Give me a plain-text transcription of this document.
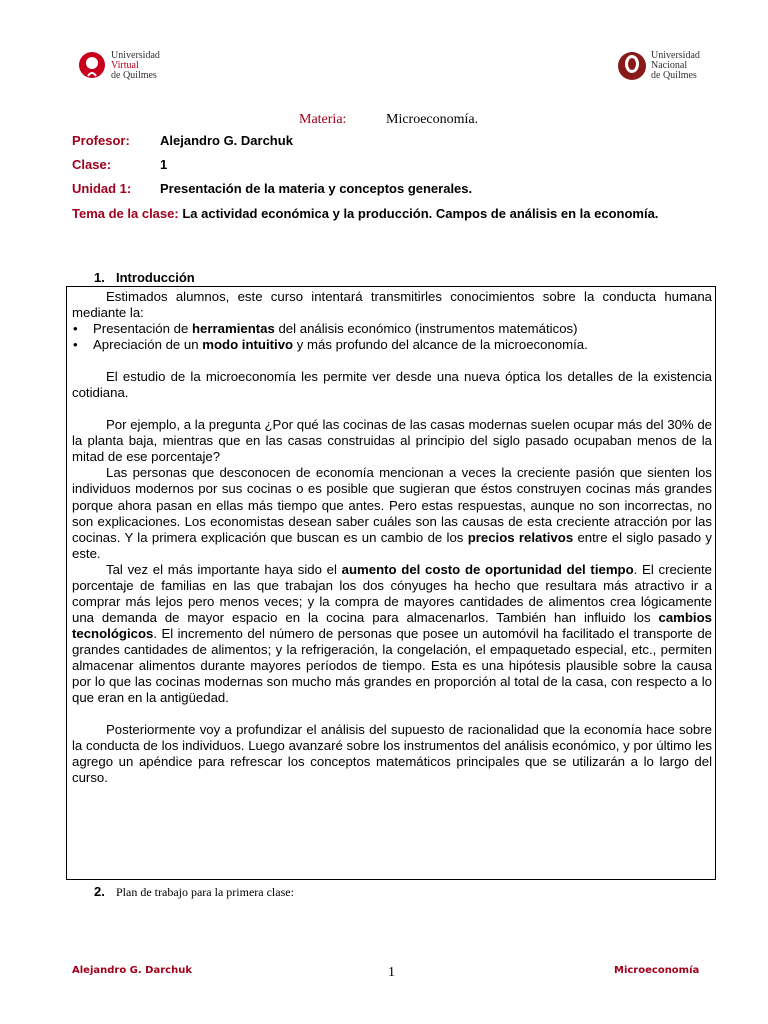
Universidad
Virtual
de Quilmes
Universidad
Nacional
de Quilmes
Materia:	Microeconomía.
Profesor: Alejandro G. Darchuk
Clase:	1
Unidad 1: Presentación de la materia y conceptos generales.
Tema de la clase: La actividad económica y la producción. Campos de análisis en la economía.
1. Introducción

Estimados alumnos, este curso intentará transmitirles conocimientos sobre la conducta humana mediante la:

• Presentación de herramientas del análisis económico (instrumentos matemáticos)

• Apreciación de un modo intuitivo y más profundo del alcance de la microeconomía.

El estudio de la microeconomía les permite ver desde una nueva óptica los detalles de la existencia cotidiana.

Por ejemplo, a la pregunta ¿Por qué las cocinas de las casas modernas suelen ocupar más del 30% de la planta baja, mientras que en las casas construidas al principio del siglo pasado ocupaban menos de la mitad de ese porcentaje?

Las personas que desconocen de economía mencionan a veces la creciente pasión que sienten los individuos modernos por sus cocinas o es posible que sugieran que éstos construyen cocinas más grandes porque ahora pasan en ellas más tiempo que antes. Pero estas respuestas, aunque no son incorrectas, no son explicaciones. Los economistas desean saber cuáles son las causas de esta creciente atracción por las cocinas. Y la primera explicación que buscan es un cambio de los precios relativos entre el siglo pasado y este.

Tal vez el más importante haya sido el aumento del costo de oportunidad del tiempo. El creciente porcentaje de familias en las que trabajan los dos cónyuges ha hecho que resultara más atractivo ir a comprar más lejos pero menos veces; y la compra de mayores cantidades de alimentos crea lógicamente una demanda de mayor espacio en la cocina para almacenarlos. También han influido los cambios tecnológicos. El incremento del número de personas que posee un automóvil ha facilitado el transporte de grandes cantidades de alimentos; y la refrigeración, la congelación, el empaquetado especial, etc., permiten almacenar alimentos durante mayores períodos de tiempo. Esta es una hipótesis plausible sobre la causa por lo que las cocinas modernas son mucho más grandes en proporción al total de la casa, con respecto a lo que eran en la antigüedad.

Posteriormente voy a profundizar el análisis del supuesto de racionalidad que la economía hace sobre la conducta de los individuos. Luego avanzaré sobre los instrumentos del análisis económico, y por último les agrego un apéndice para refrescar los conceptos matemáticos principales que se utilizarán a lo largo del curso.

2. Plan de trabajo para la primera clase:
Alejandro G. Darchuk	1	Microeconomía
